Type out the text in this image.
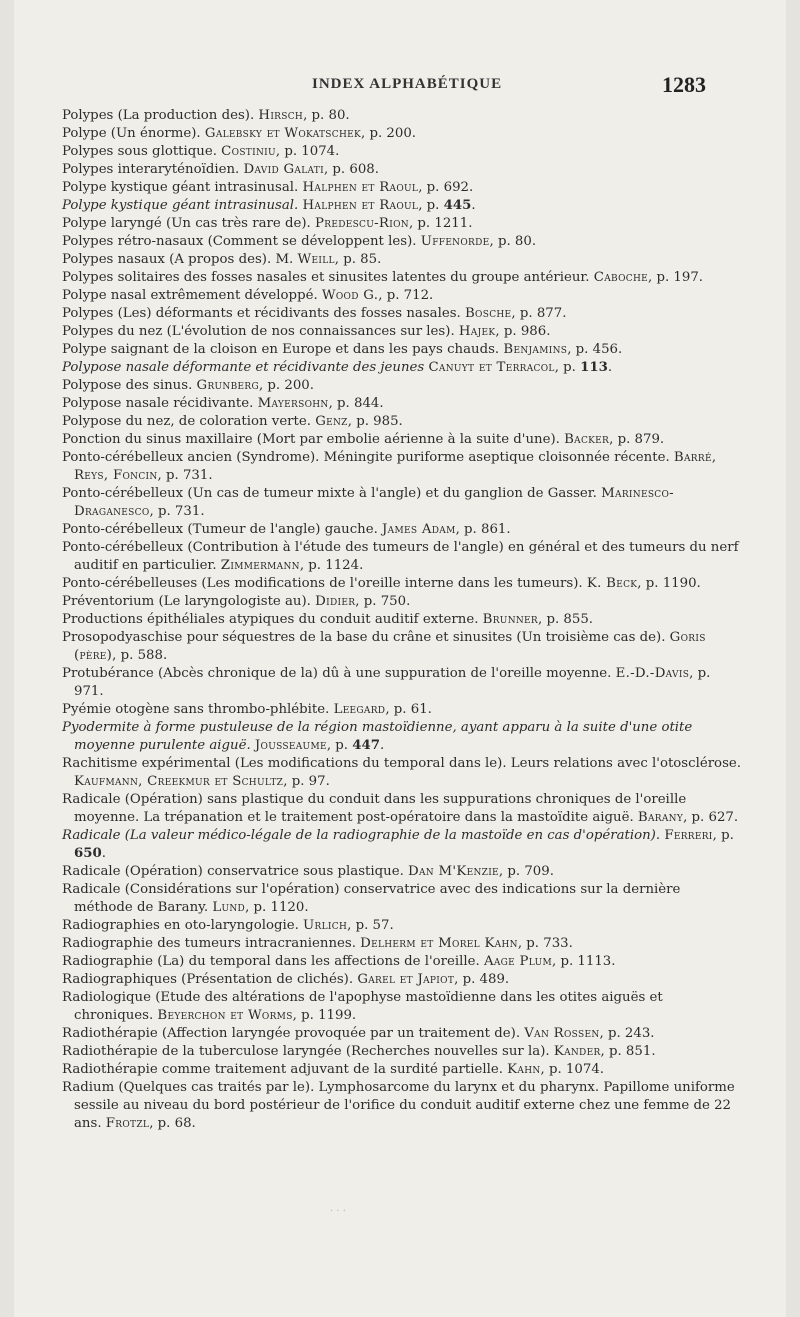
INDEX ALPHABÉTIQUE	1283
Polypes (La production des). Hirsch, p. 80.
Polype (Un énorme). Galebsky et Wokatschek, p. 200.
Polypes sous glottique. Costiniu, p. 1074.
Polypes interaryténoïdien. David Galati, p. 608.
Polype kystique géant intrasinusal. Halphen et Raoul, p. 692.
Polype kystique géant intrasinusal. Halphen et Raoul, p. 445.
Polype laryngé (Un cas très rare de). Predescu-Rion, p. 1211.
Polypes rétro-nasaux (Comment se développent les). Uffenorde, p. 80.
Polypes nasaux (A propos des). M. Weill, p. 85.
Polypes solitaires des fosses nasales et sinusites latentes du groupe antérieur. Caboche, p. 197.
Polype nasal extrêmement développé. Wood G., p. 712.
Polypes (Les) déformants et récidivants des fosses nasales. Bosche, p. 877.
Polypes du nez (L'évolution de nos connaissances sur les). Hajek, p. 986.
Polype saignant de la cloison en Europe et dans les pays chauds. Benjamins, p. 456.
Polypose nasale déformante et récidivante des jeunes Canuyt et Terracol, p. 113.
Polypose des sinus. Grunberg, p. 200.
Polypose nasale récidivante. Mayersohn, p. 844.
Polypose du nez, de coloration verte. Genz, p. 985.
Ponction du sinus maxillaire (Mort par embolie aérienne à la suite d'une). Backer, p. 879.
Ponto-cérébelleux ancien (Syndrome). Méningite puriforme aseptique cloisonnée récente. Barré, Reys, Foncin, p. 731.
Ponto-cérébelleux (Un cas de tumeur mixte à l'angle) et du ganglion de Gasser. Marinesco-Draganesco, p. 731.
Ponto-cérébelleux (Tumeur de l'angle) gauche. James Adam, p. 861.
Ponto-cérébelleux (Contribution à l'étude des tumeurs de l'angle) en général et des tumeurs du nerf auditif en particulier. Zimmermann, p. 1124.
Ponto-cérébelleuses (Les modifications de l'oreille interne dans les tumeurs). K. Beck, p. 1190.
Préventorium (Le laryngologiste au). Didier, p. 750.
Productions épithéliales atypiques du conduit auditif externe. Brunner, p. 855.
Prosopodyaschise pour séquestres de la base du crâne et sinusites (Un troisième cas de). Goris (père), p. 588.
Protubérance (Abcès chronique de la) dû à une suppuration de l'oreille moyenne. E.-D.-Davis, p. 971.
Pyémie otogène sans thrombo-phlébite. Leegard, p. 61.
Pyodermite à forme pustuleuse de la région mastoïdienne, ayant apparu à la suite d'une otite moyenne purulente aiguë. Jousseaume, p. 447.
Rachitisme expérimental (Les modifications du temporal dans le). Leurs relations avec l'otosclérose. Kaufmann, Creekmur et Schultz, p. 97.
Radicale (Opération) sans plastique du conduit dans les suppurations chroniques de l'oreille moyenne. La trépanation et le traitement post-opératoire dans la mastoïdite aiguë. Barany, p. 627.
Radicale (La valeur médico-légale de la radiographie de la mastoïde en cas d'opération). Ferreri, p. 650.
Radicale (Opération) conservatrice sous plastique. Dan M'Kenzie, p. 709.
Radicale (Considérations sur l'opération) conservatrice avec des indications sur la dernière méthode de Barany. Lund, p. 1120.
Radiographies en oto-laryngologie. Urlich, p. 57.
Radiographie des tumeurs intracraniennes. Delherm et Morel Kahn, p. 733.
Radiographie (La) du temporal dans les affections de l'oreille. Aage Plum, p. 1113.
Radiographiques (Présentation de clichés). Garel et Japiot, p. 489.
Radiologique (Etude des altérations de l'apophyse mastoïdienne dans les otites aiguës et chroniques. Beyerchon et Worms, p. 1199.
Radiothérapie (Affection laryngée provoquée par un traitement de). Van Rossen, p. 243.
Radiothérapie de la tuberculose laryngée (Recherches nouvelles sur la). Kander, p. 851.
Radiothérapie comme traitement adjuvant de la surdité partielle. Kahn, p. 1074.
Radium (Quelques cas traités par le). Lymphosarcome du larynx et du pharynx. Papillome uniforme sessile au niveau du bord postérieur de l'orifice du conduit auditif externe chez une femme de 22 ans. Frotzl, p. 68.
· · ·
